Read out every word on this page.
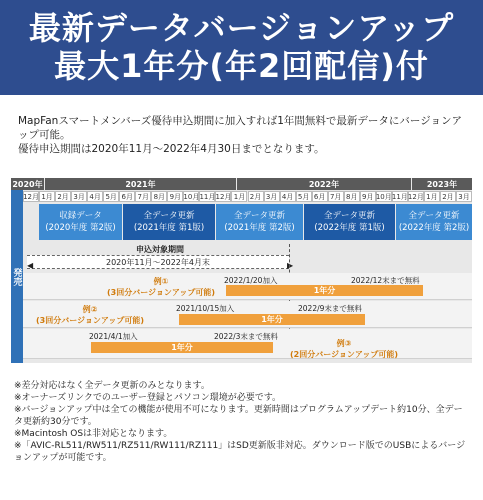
最新データバージョンアップ
最大1年分(年2回配信)付

MapFanスマートメンバーズ優待申込期間に加入すれば1年間無料で最新データにバージョンアップ可能。

優待申込期間は2020年11月～2022年4月30日までとなります。

2020年	2021年	2022年	2023年
12月 1月 2月 3月 4月 5月 6月 7月 8月 9月 10月 11月 12月 1月 2月 3月 4月 5月 6月 7月 8月 9月 10月 11月 12月 1月 2月 3月
発売
収録データ
(2020年度 第2版)
全データ更新
(2021年度 第1版)
全データ更新
(2021年度 第2版)
全データ更新
(2022年度 第1版)
全データ更新
(2022年度 第2版)
申込対象期間
2020年11月～2022年4月末
◀	▶
例①
(3回分バージョンアップ可能)
2022/1/20加入	2022/12末まで無料
1年分
例②
(3回分バージョンアップ可能)
2021/10/15加入	2022/9末まで無料
1年分
2021/4/1加入	2022/3末まで無料
1年分	例③
(2回分バージョンアップ可能)

※差分対応はなく全データ更新のみとなります。

※オーナーズリンクでのユーザー登録とパソコン環境が必要です。

※バージョンアップ中は全ての機能が使用不可になります。更新時間はプログラムアップデート約10分、全データ更新約30分です。

※Macintosh OSは非対応となります。

※「AVIC-RL511/RW511/RZ511/RW111/RZ111」はSD更新版非対応。ダウンロード版でのUSBによるバージョンアップが可能です。
